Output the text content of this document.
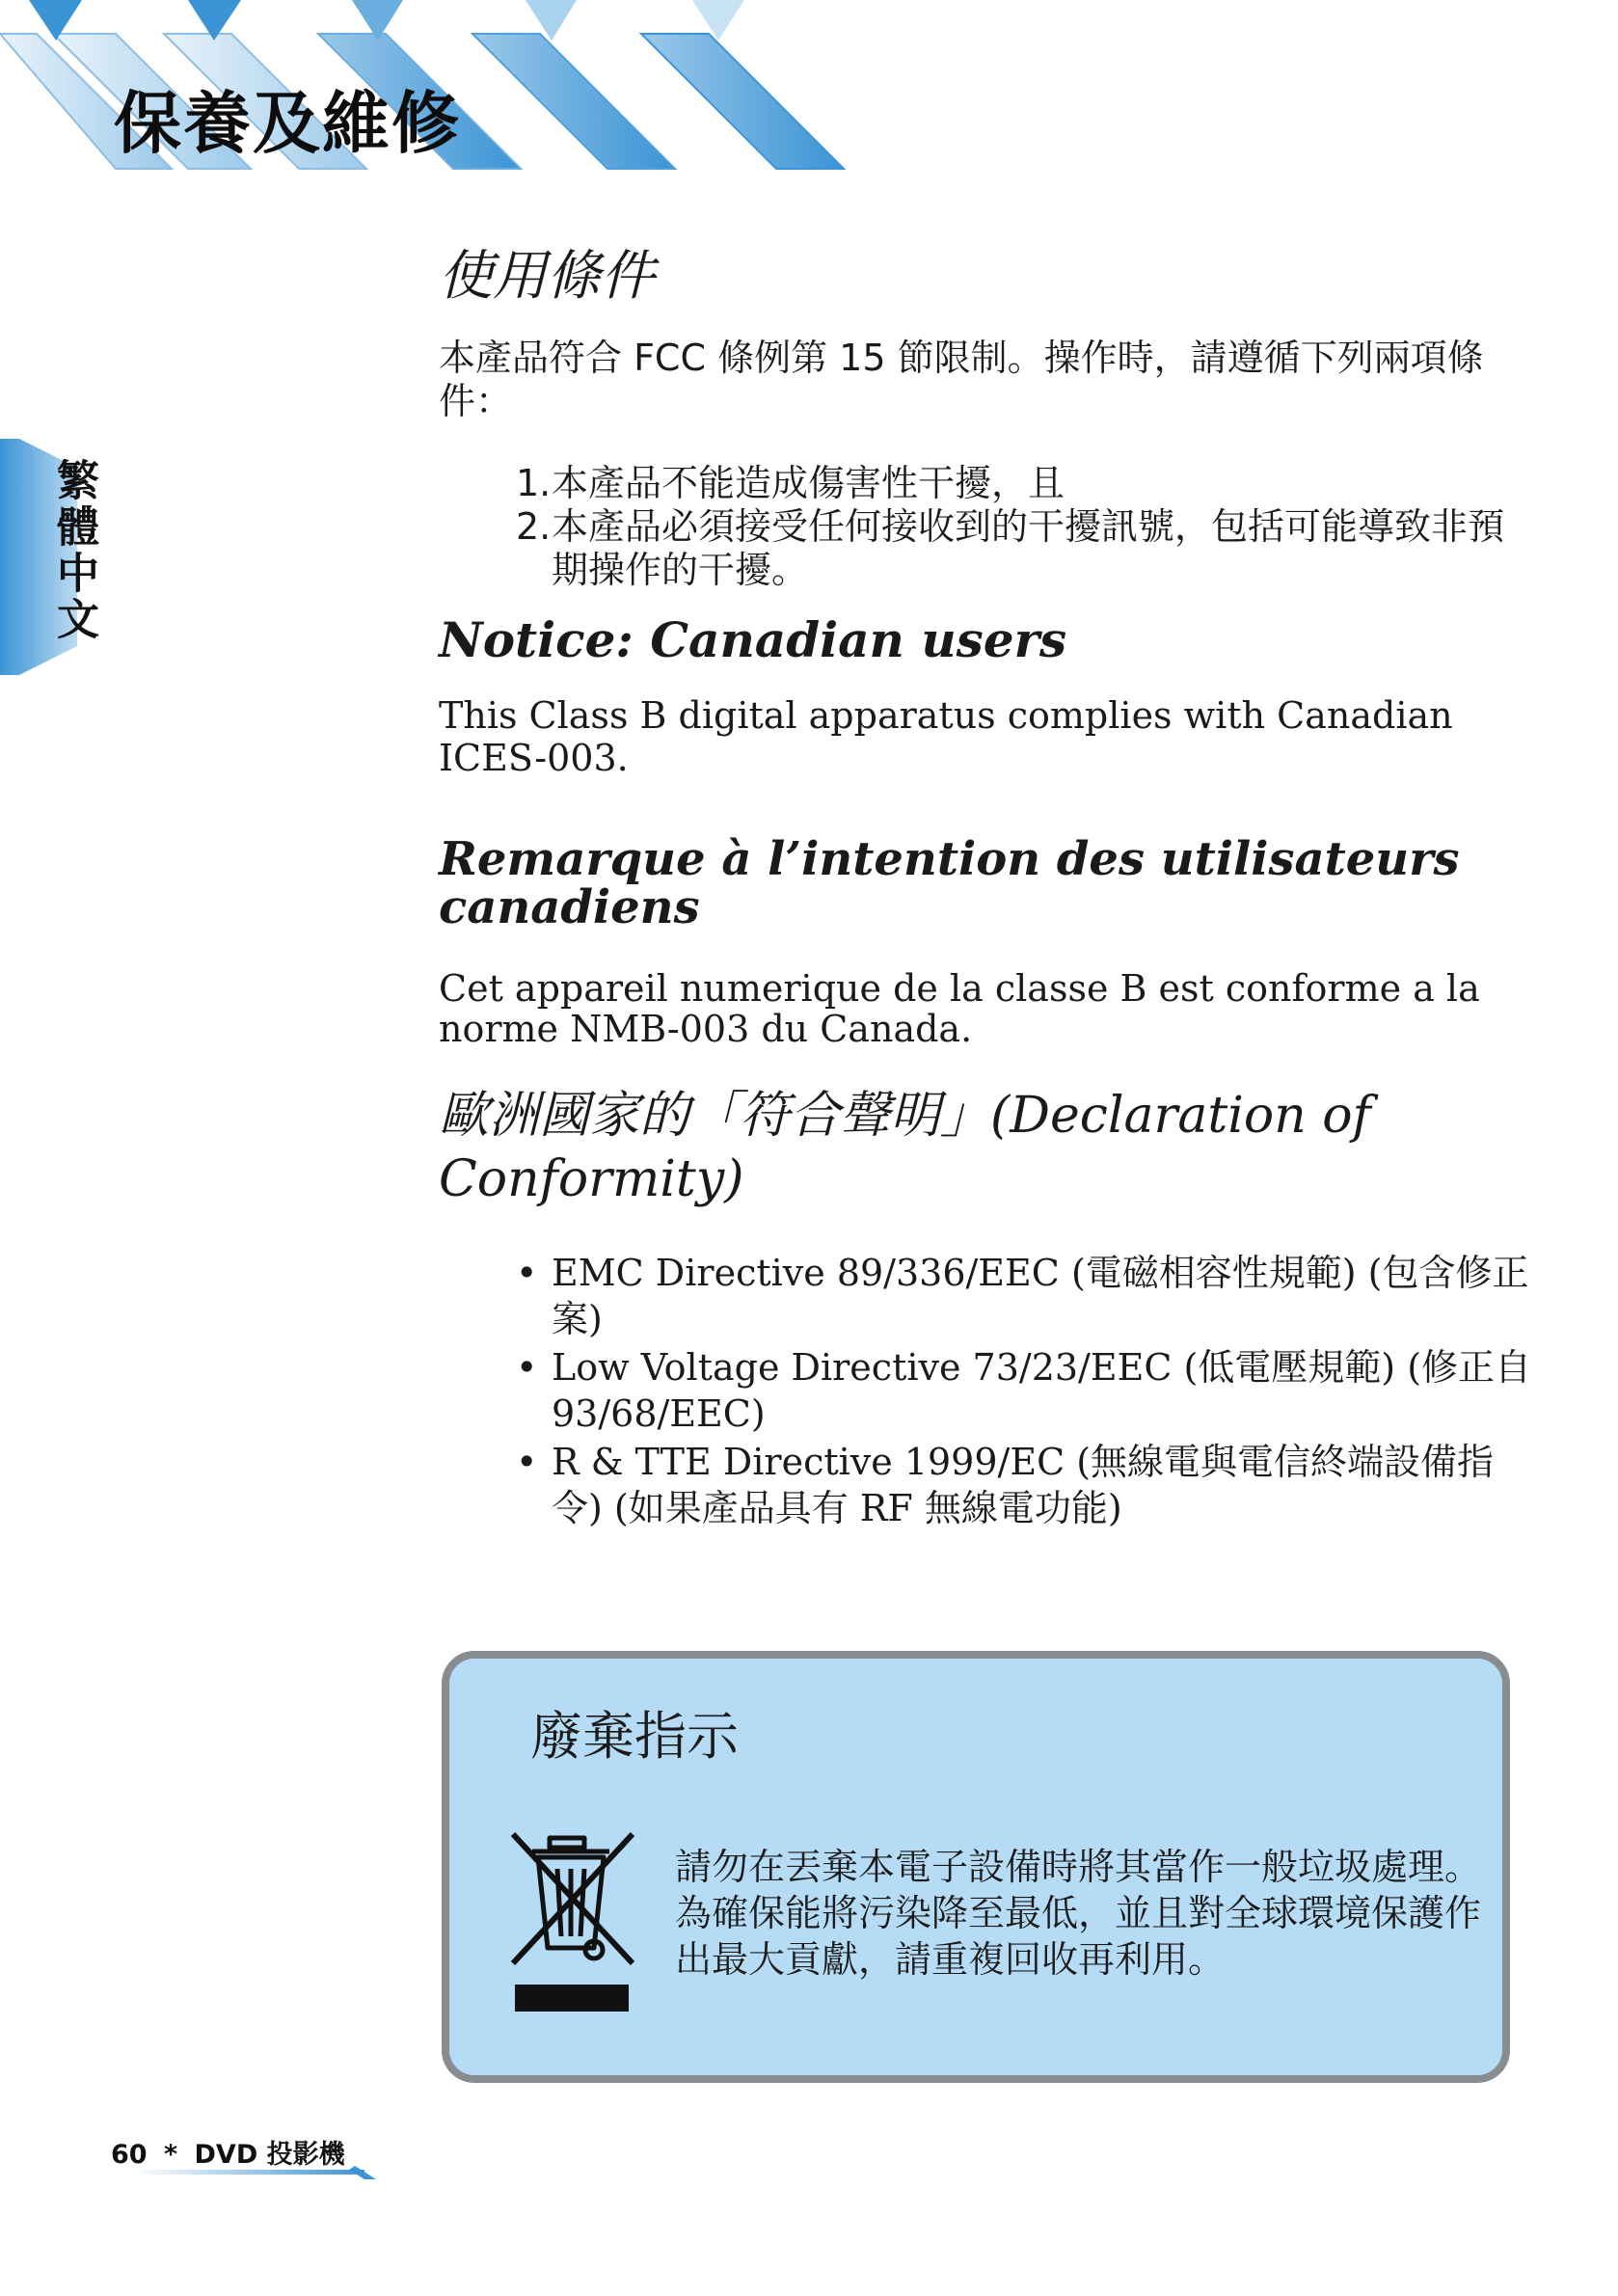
保養及維修
繁體中文
使用條件

本產品符合 FCC 條例第 15 節限制。操作時，請遵循下列兩項條件：

1. 本產品不能造成傷害性干擾，且
2. 本產品必須接受任何接收到的干擾訊號，包括可能導致非預期操作的干擾。
Notice: Canadian users

This Class B digital apparatus complies with Canadian ICES-003.

Remarque à l’intention des utilisateurs canadiens

Cet appareil numerique de la classe B est conforme a la norme NMB-003 du Canada.

歐洲國家的「符合聲明」(Declaration of Conformity)
• EMC Directive 89/336/EEC (電磁相容性規範) (包含修正案)
• Low Voltage Directive 73/23/EEC (低電壓規範) (修正自 93/68/EEC)
• R & TTE Directive 1999/EC (無線電與電信終端設備指令) (如果產品具有 RF 無線電功能)
廢棄指示

請勿在丟棄本電子設備時將其當作一般垃圾處理。為確保能將污染降至最低，並且對全球環境保護作出最大貢獻，請重複回收再利用。

60 * DVD 投影機
